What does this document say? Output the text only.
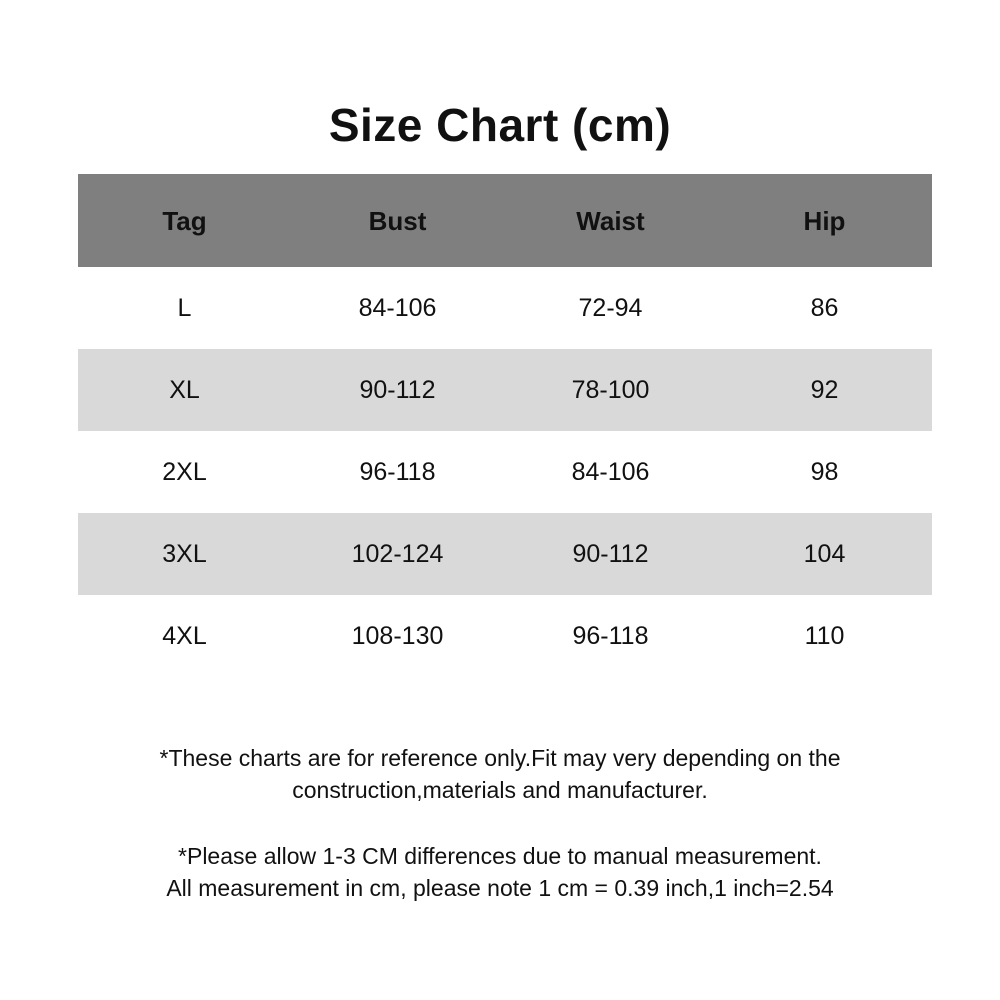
Size Chart (cm)
Tag	Bust	Waist	Hip
L	84-106	72-94	86
XL	90-112	78-100	92
2XL	96-118	84-106	98
3XL	102-124	90-112	104
4XL	108-130	96-118	110

*These charts are for reference only.Fit may very depending on the

construction,materials and manufacturer.

*Please allow 1-3 CM differences due to manual measurement.

All measurement in cm, please note 1 cm = 0.39 inch,1 inch=2.54
